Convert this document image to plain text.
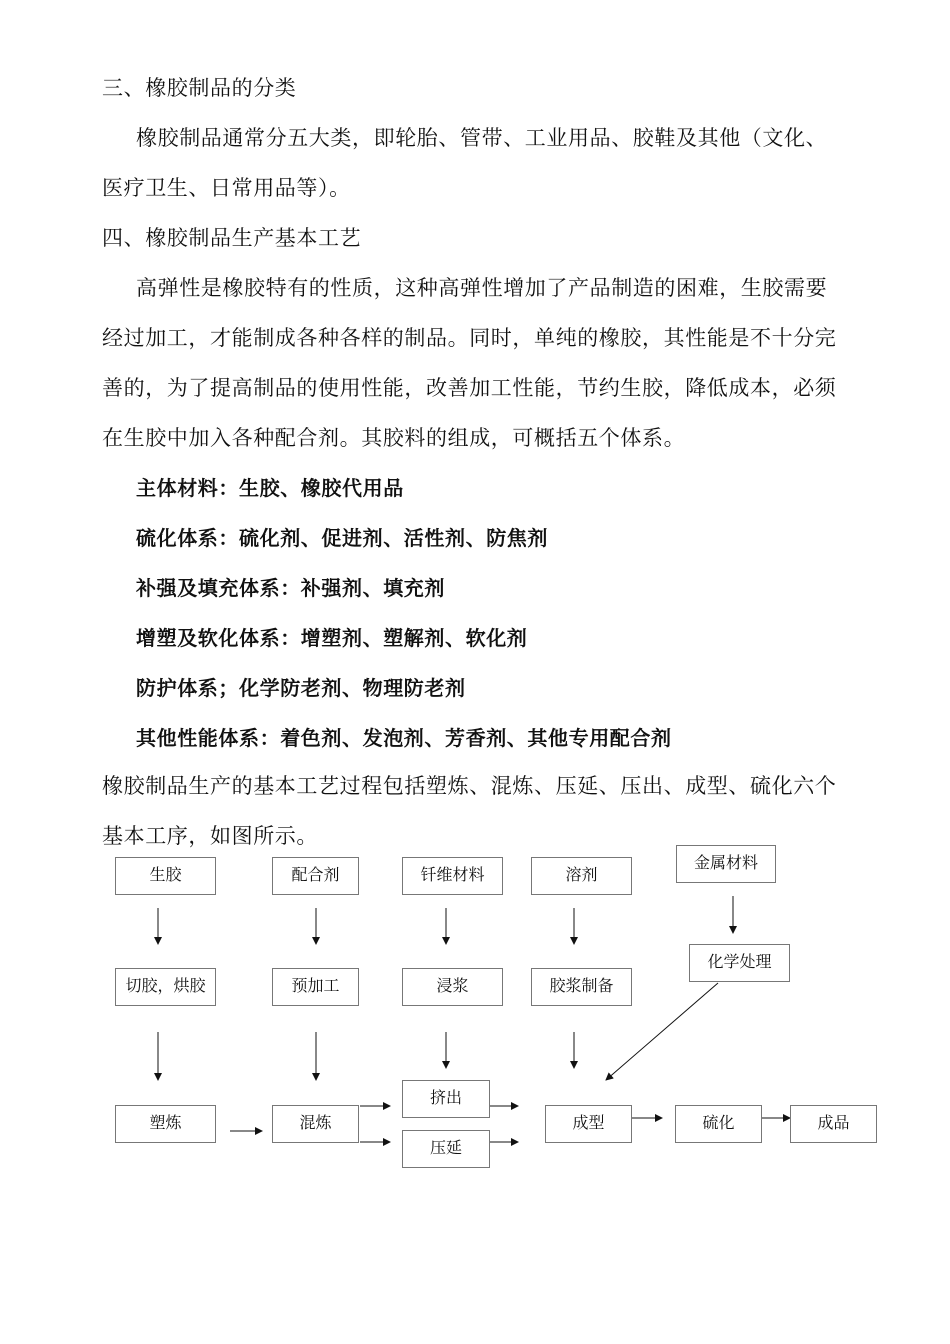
三、橡胶制品的分类
橡胶制品通常分五大类，即轮胎、管带、工业用品、胶鞋及其他（文化、
医疗卫生、日常用品等）。
四、橡胶制品生产基本工艺
高弹性是橡胶特有的性质，这种高弹性增加了产品制造的困难，生胶需要
经过加工，才能制成各种各样的制品。同时，单纯的橡胶，其性能是不十分完
善的，为了提高制品的使用性能，改善加工性能，节约生胶，降低成本，必须
在生胶中加入各种配合剂。其胶料的组成，可概括五个体系。
主体材料：生胶、橡胶代用品
硫化体系：硫化剂、促进剂、活性剂、防焦剂
补强及填充体系：补强剂、填充剂
增塑及软化体系：增塑剂、塑解剂、软化剂
防护体系；化学防老剂、物理防老剂
其他性能体系：着色剂、发泡剂、芳香剂、其他专用配合剂
橡胶制品生产的基本工艺过程包括塑炼、混炼、压延、压出、成型、硫化六个
基本工序，如图所示。
生胶	配合剂	钎维材料	溶剂
金属材料
切胶，烘胶	预加工	浸浆	胶浆制备
化学处理
塑炼	混炼
挤出
压延
成型	硫化	成品
